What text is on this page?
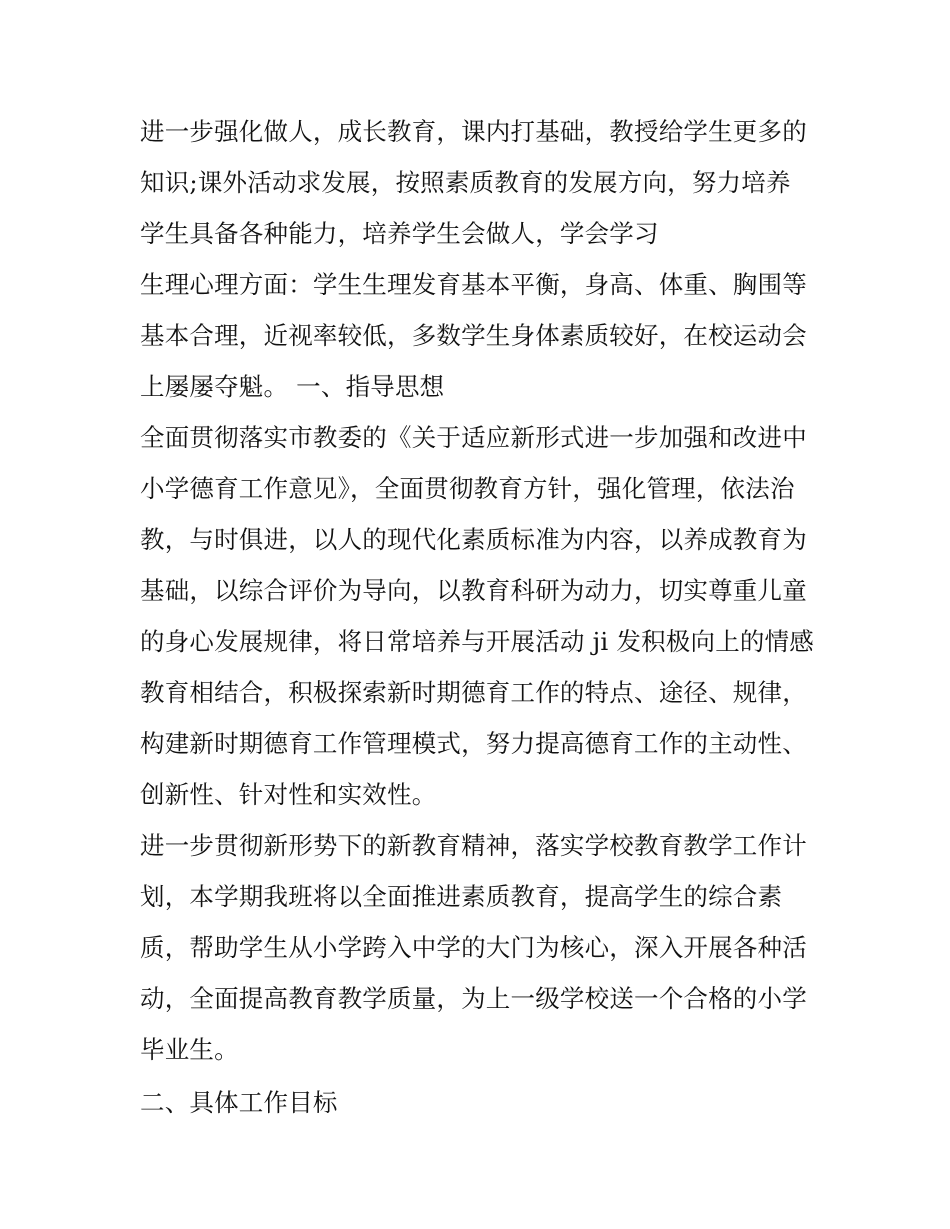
进一步强化做人，成长教育，课内打基础，教授给学生更多的
知识;课外活动求发展，按照素质教育的发展方向，努力培养
学生具备各种能力，培养学生会做人，学会学习
生理心理方面：学生生理发育基本平衡，身高、体重、胸围等
基本合理，近视率较低，多数学生身体素质较好，在校运动会
上屡屡夺魁。 一、指导思想
全面贯彻落实市教委的《关于适应新形式进一步加强和改进中
小学德育工作意见》，全面贯彻教育方针，强化管理，依法治
教，与时俱进，以人的现代化素质标准为内容，以养成教育为
基础，以综合评价为导向，以教育科研为动力，切实尊重儿童
的身心发展规律，将日常培养与开展活动 ji 发积极向上的情感
教育相结合，积极探索新时期德育工作的特点、途径、规律，
构建新时期德育工作管理模式，努力提高德育工作的主动性、
创新性、针对性和实效性。
进一步贯彻新形势下的新教育精神，落实学校教育教学工作计
划，本学期我班将以全面推进素质教育，提高学生的综合素
质，帮助学生从小学跨入中学的大门为核心，深入开展各种活
动，全面提高教育教学质量，为上一级学校送一个合格的小学
毕业生。
二、具体工作目标
